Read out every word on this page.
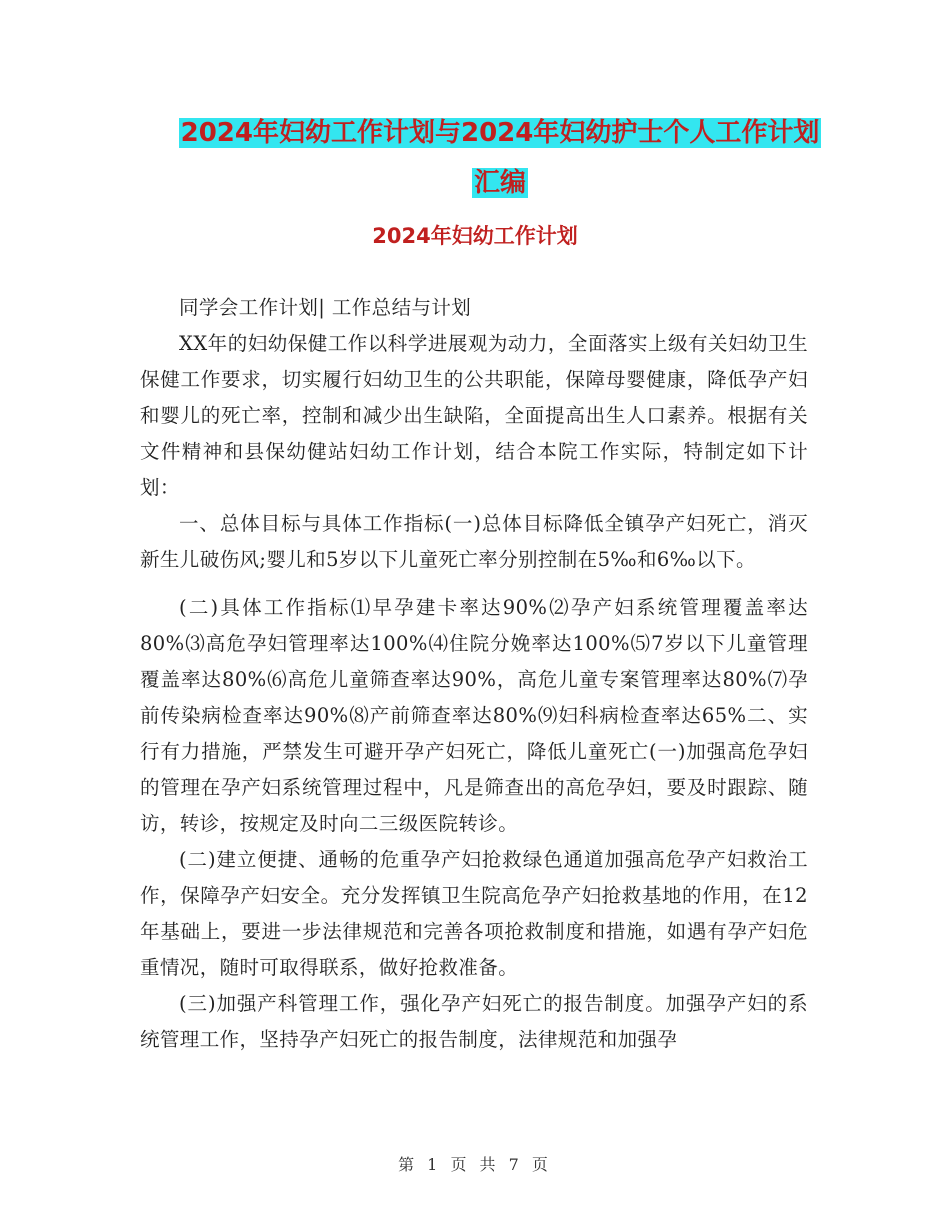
2024年妇幼工作计划与2024年妇幼护士个人工作计划
汇编
2024年妇幼工作计划

同学会工作计划| 工作总结与计划

XX年的妇幼保健工作以科学进展观为动力，全面落实上级有关妇幼卫生保健工作要求，切实履行妇幼卫生的公共职能，保障母婴健康，降低孕产妇和婴儿的死亡率，控制和减少出生缺陷，全面提高出生人口素养。根据有关文件精神和县保幼健站妇幼工作计划，结合本院工作实际，特制定如下计划：

一、总体目标与具体工作指标(一)总体目标降低全镇孕产妇死亡，消灭新生儿破伤风;婴儿和5岁以下儿童死亡率分别控制在5‰和6‰以下。

(二)具体工作指标⑴早孕建卡率达90%⑵孕产妇系统管理覆盖率达80%⑶高危孕妇管理率达100%⑷住院分娩率达100%⑸7岁以下儿童管理覆盖率达80%⑹高危儿童筛查率达90%，高危儿童专案管理率达80%⑺孕前传染病检查率达90%⑻产前筛查率达80%⑼妇科病检查率达65%二、实行有力措施，严禁发生可避开孕产妇死亡，降低儿童死亡(一)加强高危孕妇的管理在孕产妇系统管理过程中，凡是筛查出的高危孕妇，要及时跟踪、随访，转诊，按规定及时向二三级医院转诊。

(二)建立便捷、通畅的危重孕产妇抢救绿色通道加强高危孕产妇救治工作，保障孕产妇安全。充分发挥镇卫生院高危孕产妇抢救基地的作用，在12年基础上，要进一步法律规范和完善各项抢救制度和措施，如遇有孕产妇危重情况，随时可取得联系，做好抢救准备。

(三)加强产科管理工作，强化孕产妇死亡的报告制度。加强孕产妇的系统管理工作，坚持孕产妇死亡的报告制度，法律规范和加强孕

第 1 页 共 7 页
